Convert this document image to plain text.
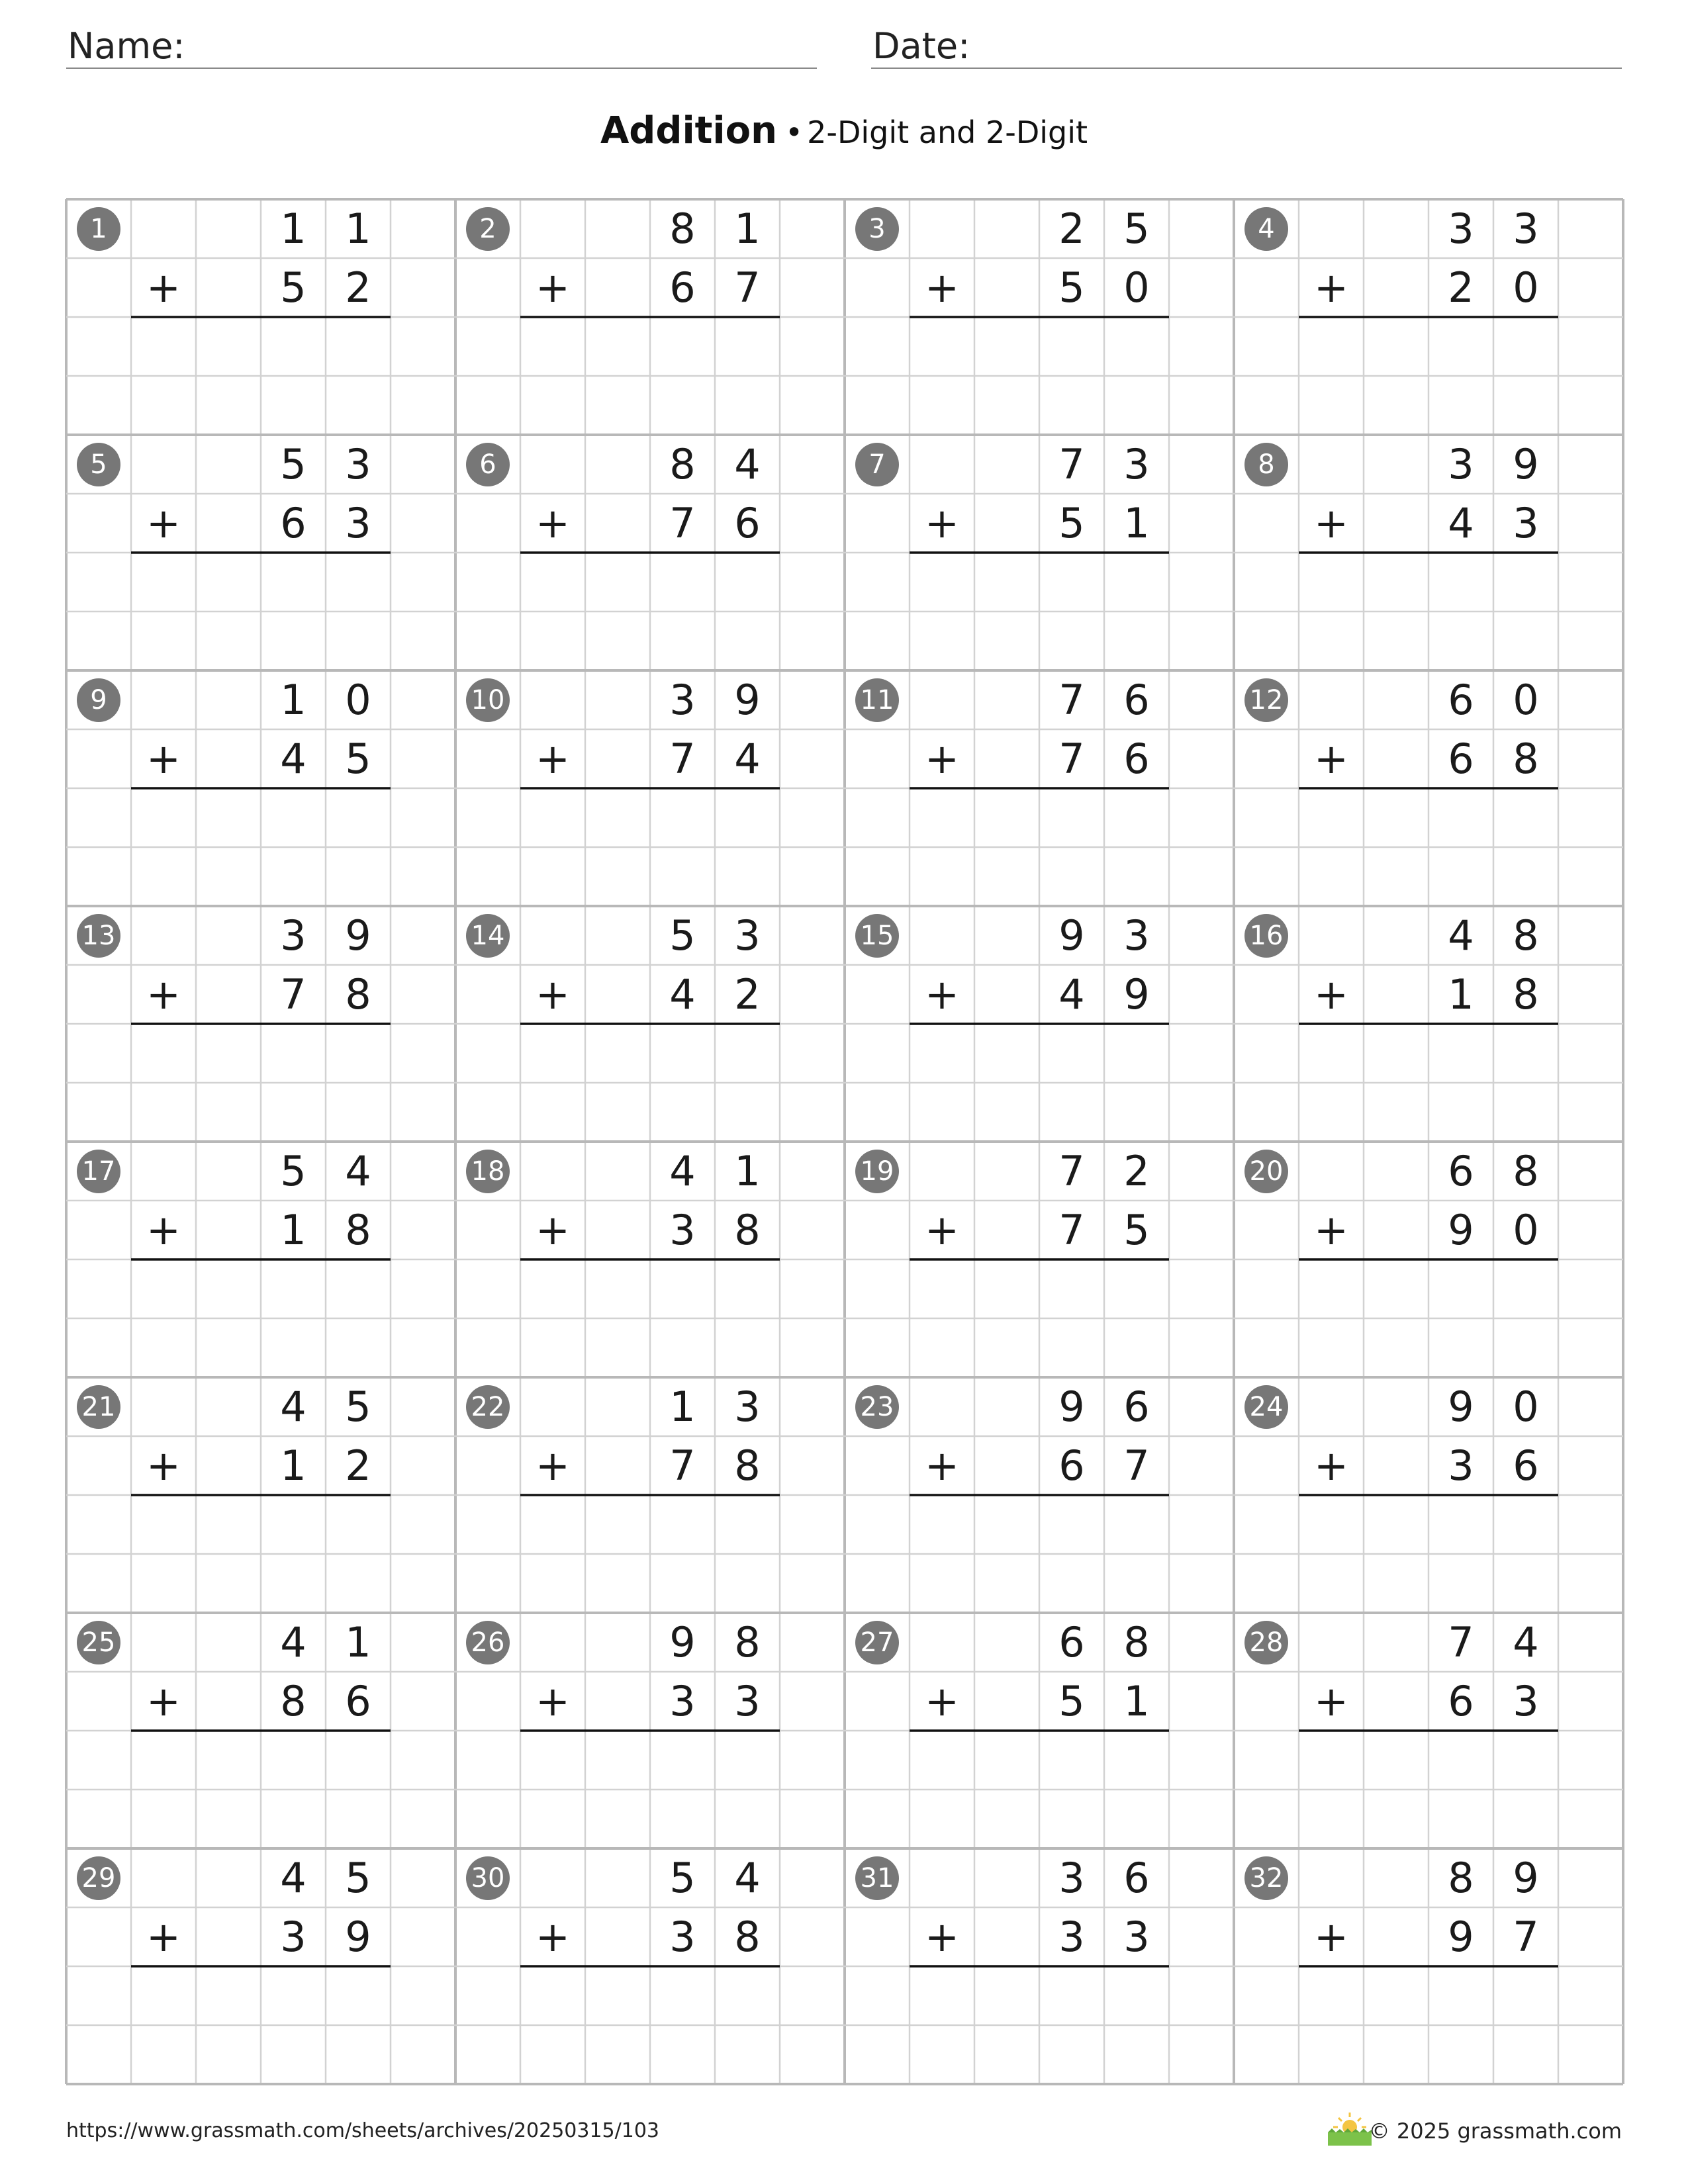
Name:	Date:
Addition • 2-Digit and 2-Digit
1	1 1
+	5 2
2	8 1
+	6 7
3	2 5
+	5 0
4	3 3
+	2 0
5	5 3
+	6 3
6	8 4
+	7 6
7	7 3
+	5 1
8	3 9
+	4 3
9	1 0
+	4 5
10	3 9
+	7 4
11	7 6
+	7 6
12	6 0
+	6 8
13	3 9
+	7 8
14	5 3
+	4 2
15	9 3
+	4 9
16	4 8
+	1 8
17	5 4
+	1 8
18	4 1
+	3 8
19	7 2
+	7 5
20	6 8
+	9 0
21	4 5
+	1 2
22	1 3
+	7 8
23	9 6
+	6 7
24	9 0
+	3 6
25	4 1
+	8 6
26	9 8
+	3 3
27	6 8
+	5 1
28	7 4
+	6 3
29	4 5
+	3 9
30	5 4
+	3 8
31	3 6
+	3 3
32	8 9
+	9 7
https://www.grassmath.com/sheets/archives/20250315/103	© 2025 grassmath.com
